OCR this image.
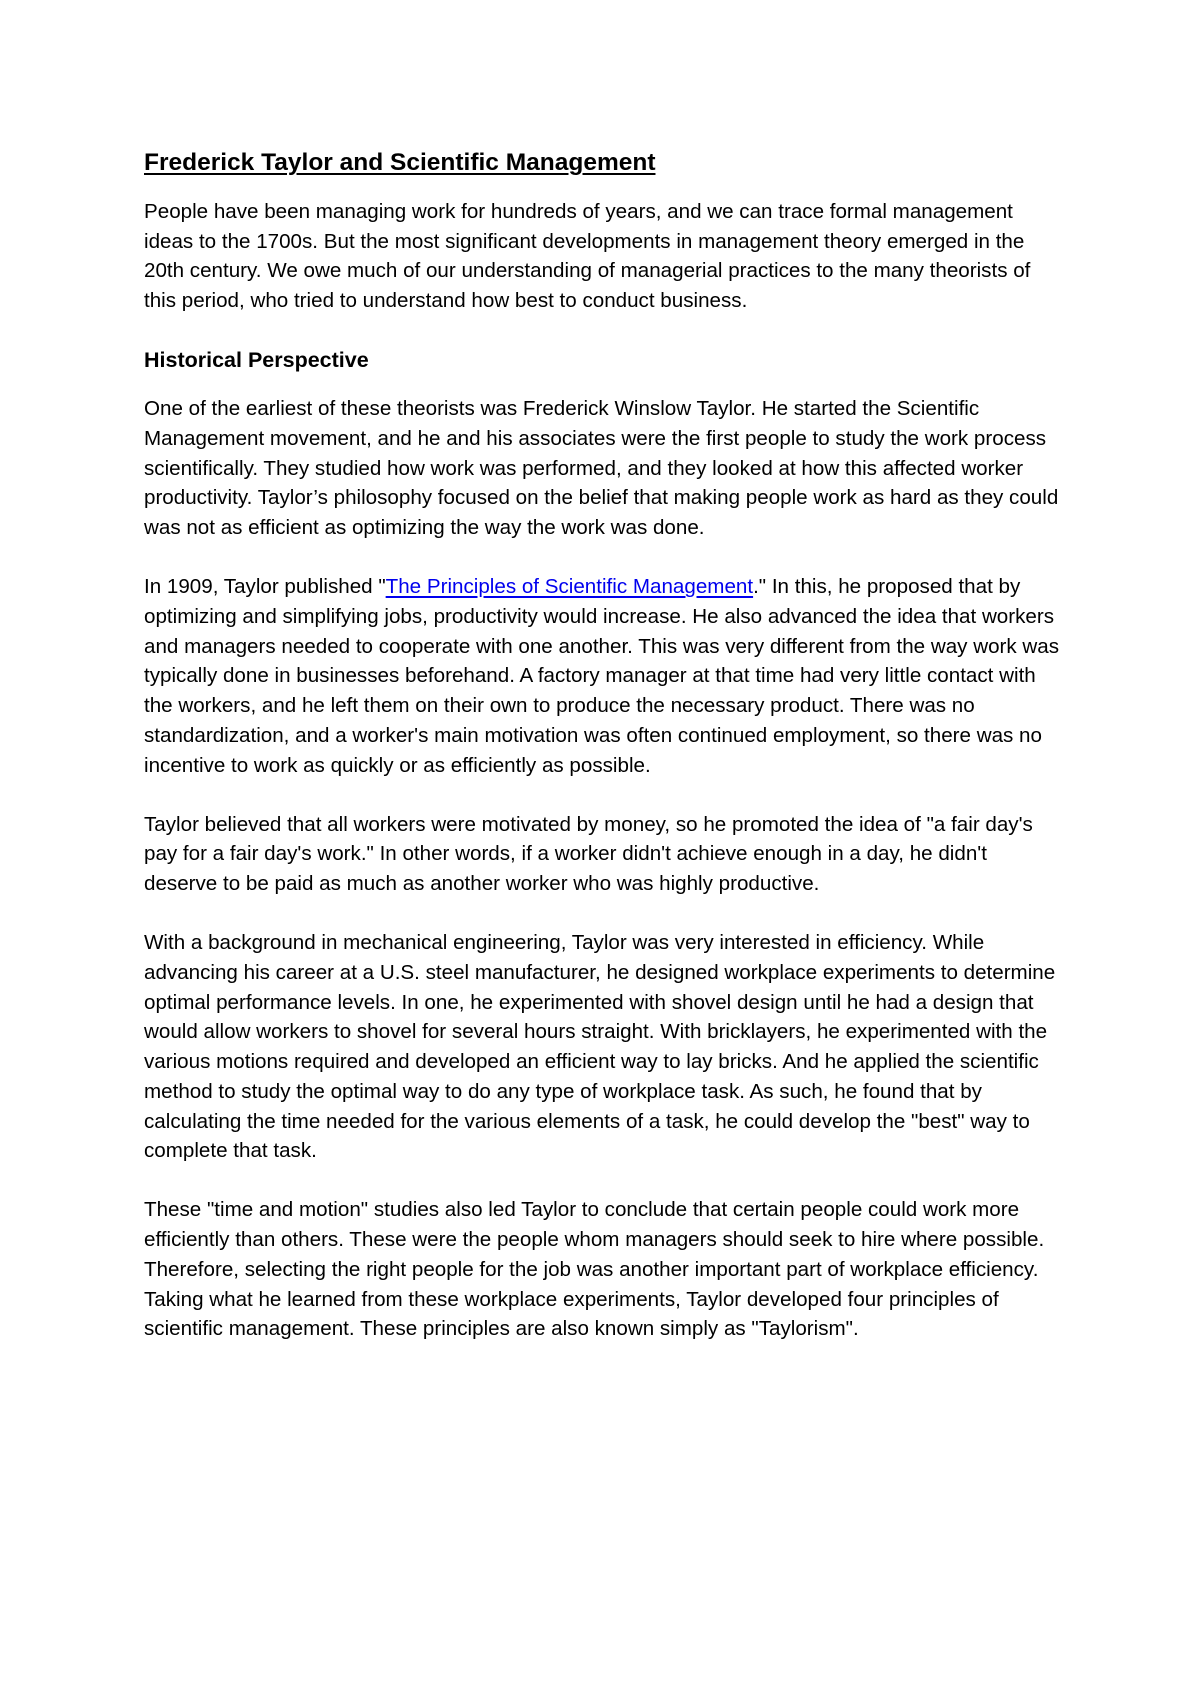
Frederick Taylor and Scientific Management

People have been managing work for hundreds of years, and we can trace formal management ideas to the 1700s. But the most significant developments in management theory emerged in the 20th century. We owe much of our understanding of managerial practices to the many theorists of this period, who tried to understand how best to conduct business.

Historical Perspective

One of the earliest of these theorists was Frederick Winslow Taylor. He started the Scientific Management movement, and he and his associates were the first people to study the work process scientifically. They studied how work was performed, and they looked at how this affected worker productivity. Taylor’s philosophy focused on the belief that making people work as hard as they could was not as efficient as optimizing the way the work was done.

In 1909, Taylor published "The Principles of Scientific Management." In this, he proposed that by optimizing and simplifying jobs, productivity would increase. He also advanced the idea that workers and managers needed to cooperate with one another. This was very different from the way work was typically done in businesses beforehand. A factory manager at that time had very little contact with the workers, and he left them on their own to produce the necessary product. There was no standardization, and a worker's main motivation was often continued employment, so there was no incentive to work as quickly or as efficiently as possible.

Taylor believed that all workers were motivated by money, so he promoted the idea of "a fair day's pay for a fair day's work." In other words, if a worker didn't achieve enough in a day, he didn't deserve to be paid as much as another worker who was highly productive.

With a background in mechanical engineering, Taylor was very interested in efficiency. While advancing his career at a U.S. steel manufacturer, he designed workplace experiments to determine optimal performance levels. In one, he experimented with shovel design until he had a design that would allow workers to shovel for several hours straight. With bricklayers, he experimented with the various motions required and developed an efficient way to lay bricks. And he applied the scientific method to study the optimal way to do any type of workplace task. As such, he found that by calculating the time needed for the various elements of a task, he could develop the "best" way to complete that task.

These "time and motion" studies also led Taylor to conclude that certain people could work more efficiently than others. These were the people whom managers should seek to hire where possible. Therefore, selecting the right people for the job was another important part of workplace efficiency. Taking what he learned from these workplace experiments, Taylor developed four principles of scientific management. These principles are also known simply as "Taylorism".
